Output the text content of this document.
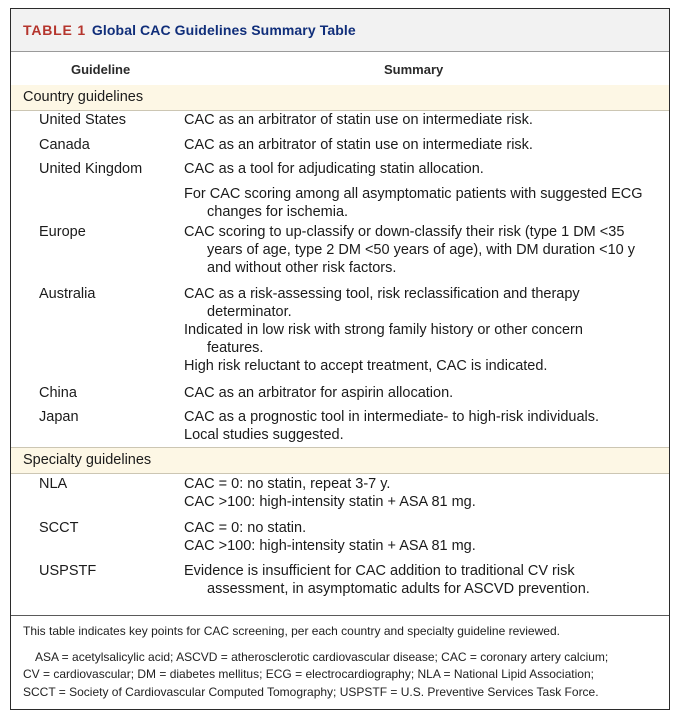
TABLE 1 Global CAC Guidelines Summary Table
Guideline	Summary
Country guidelines
United States	CAC as an arbitrator of statin use on intermediate risk.
Canada	CAC as an arbitrator of statin use on intermediate risk.
United Kingdom	CAC as a tool for adjudicating statin allocation.
For CAC scoring among all asymptomatic patients with suggested ECG
changes for ischemia.
Europe	CAC scoring to up-classify or down-classify their risk (type 1 DM <35
years of age, type 2 DM <50 years of age), with DM duration <10 y
and without other risk factors.
Australia	CAC as a risk-assessing tool, risk reclassification and therapy
determinator.
Indicated in low risk with strong family history or other concern
features.
High risk reluctant to accept treatment, CAC is indicated.
China	CAC as an arbitrator for aspirin allocation.
Japan	CAC as a prognostic tool in intermediate- to high-risk individuals.
Local studies suggested.
Specialty guidelines
NLA	CAC = 0: no statin, repeat 3-7 y.
CAC >100: high-intensity statin + ASA 81 mg.
SCCT	CAC = 0: no statin.
CAC >100: high-intensity statin + ASA 81 mg.
USPSTF	Evidence is insufficient for CAC addition to traditional CV risk
assessment, in asymptomatic adults for ASCVD prevention.
This table indicates key points for CAC screening, per each country and specialty guideline reviewed.
ASA = acetylsalicylic acid; ASCVD = atherosclerotic cardiovascular disease; CAC = coronary artery calcium;
CV = cardiovascular; DM = diabetes mellitus; ECG = electrocardiography; NLA = National Lipid Association;
SCCT = Society of Cardiovascular Computed Tomography; USPSTF = U.S. Preventive Services Task Force.
